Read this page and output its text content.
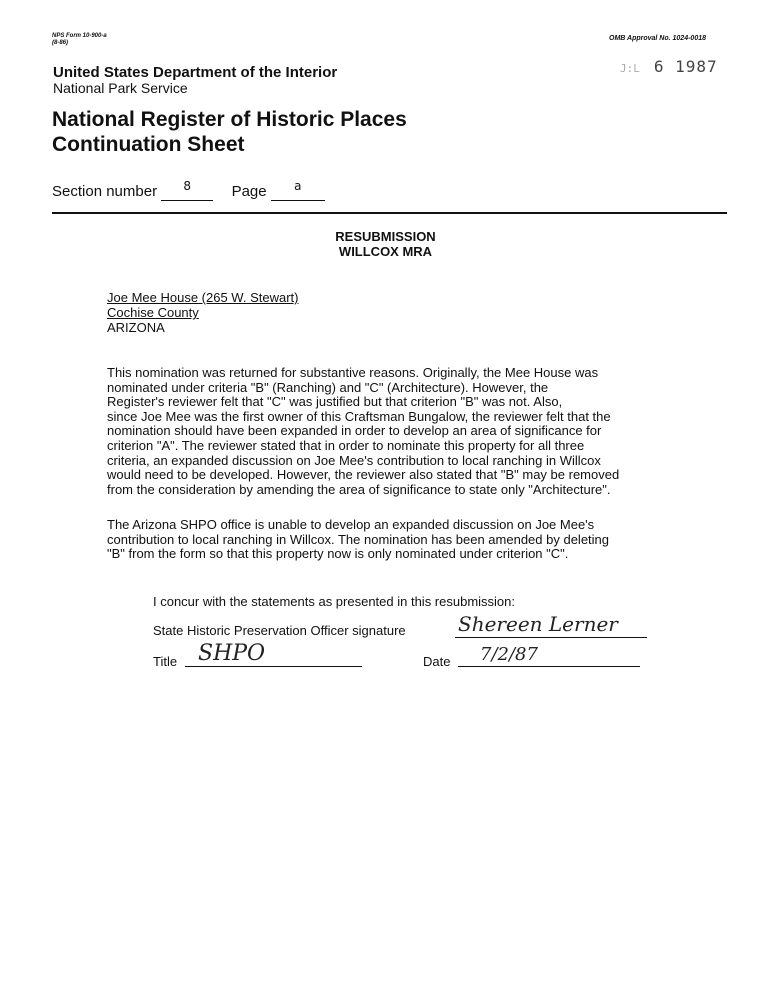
NPS Form 10-900-a
(8-86)
OMB Approval No. 1024-0018
J:L 6 1987
United States Department of the Interior
National Park Service
National Register of Historic Places
Continuation Sheet
Section number $^8$	Page $^a$
RESUBMISSION
WILLCOX MRA
Joe Mee House (265 W. Stewart)
Cochise County
ARIZONA
This nomination was returned for substantive reasons. Originally, the Mee House was
nominated under criteria "B" (Ranching) and "C" (Architecture). However, the
Register's reviewer felt that "C" was justified but that criterion "B" was not. Also,
since Joe Mee was the first owner of this Craftsman Bungalow, the reviewer felt that the
nomination should have been expanded in order to develop an area of significance for
criterion "A". The reviewer stated that in order to nominate this property for all three
criteria, an expanded discussion on Joe Mee's contribution to local ranching in Willcox
would need to be developed. However, the reviewer also stated that "B" may be removed
from the consideration by amending the area of significance to state only "Architecture".
The Arizona SHPO office is unable to develop an expanded discussion on Joe Mee's
contribution to local ranching in Willcox. The nomination has been amended by deleting
"B" from the form so that this property now is only nominated under criterion "C".
I concur with the statements as presented in this resubmission:
State Historic Preservation Officer signature	Shereen Lerner
Title SHPO	Date 7/2/87
